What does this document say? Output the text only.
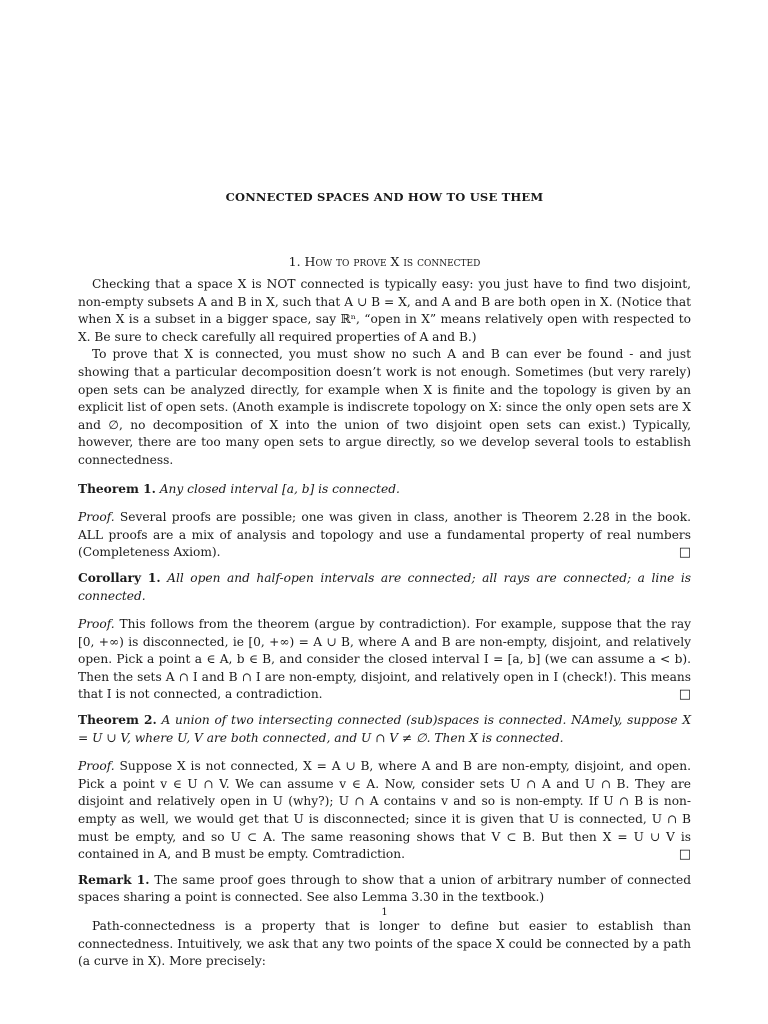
CONNECTED SPACES AND HOW TO USE THEM
1. How to prove X is connected

Checking that a space X is NOT connected is typically easy: you just have to find two disjoint, non-empty subsets A and B in X, such that A ∪ B = X, and A and B are both open in X. (Notice that when X is a subset in a bigger space, say ℝⁿ, “open in X” means relatively open with respected to X. Be sure to check carefully all required properties of A and B.)

To prove that X is connected, you must show no such A and B can ever be found - and just showing that a particular decomposition doesn’t work is not enough. Sometimes (but very rarely) open sets can be analyzed directly, for example when X is finite and the topology is given by an explicit list of open sets. (Anoth example is indiscrete topology on X: since the only open sets are X and ∅, no decomposition of X into the union of two disjoint open sets can exist.) Typically, however, there are too many open sets to argue directly, so we develop several tools to establish connectedness.

Theorem 1. Any closed interval [a, b] is connected.

Proof. Several proofs are possible; one was given in class, another is Theorem 2.28 in the book. ALL proofs are a mix of analysis and topology and use a fundamental property of real numbers (Completeness Axiom).	□

Corollary 1. All open and half-open intervals are connected; all rays are connected; a line is connected.

Proof. This follows from the theorem (argue by contradiction). For example, suppose that the ray [0, +∞) is disconnected, ie [0, +∞) = A ∪ B, where A and B are non-empty, disjoint, and relatively open. Pick a point a ∈ A, b ∈ B, and consider the closed interval I = [a, b] (we can assume a < b). Then the sets A ∩ I and B ∩ I are non-empty, disjoint, and relatively open in I (check!). This means that I is not connected, a contradiction.	□

Theorem 2. A union of two intersecting connected (sub)spaces is connected. NAmely, suppose X = U ∪ V, where U, V are both connected, and U ∩ V ≠ ∅. Then X is connected.

Proof. Suppose X is not connected, X = A ∪ B, where A and B are non-empty, disjoint, and open. Pick a point v ∈ U ∩ V. We can assume v ∈ A. Now, consider sets U ∩ A and U ∩ B. They are disjoint and relatively open in U (why?); U ∩ A contains v and so is non-empty. If U ∩ B is non-empty as well, we would get that U is disconnected; since it is given that U is connected, U ∩ B must be empty, and so U ⊂ A. The same reasoning shows that V ⊂ B. But then X = U ∪ V is contained in A, and B must be empty. Comtradiction.	□

Remark 1. The same proof goes through to show that a union of arbitrary number of connected spaces sharing a point is connected. See also Lemma 3.30 in the textbook.)

Path-connectedness is a property that is longer to define but easier to establish than connectedness. Intuitively, we ask that any two points of the space X could be connected by a path (a curve in X). More precisely:

1
